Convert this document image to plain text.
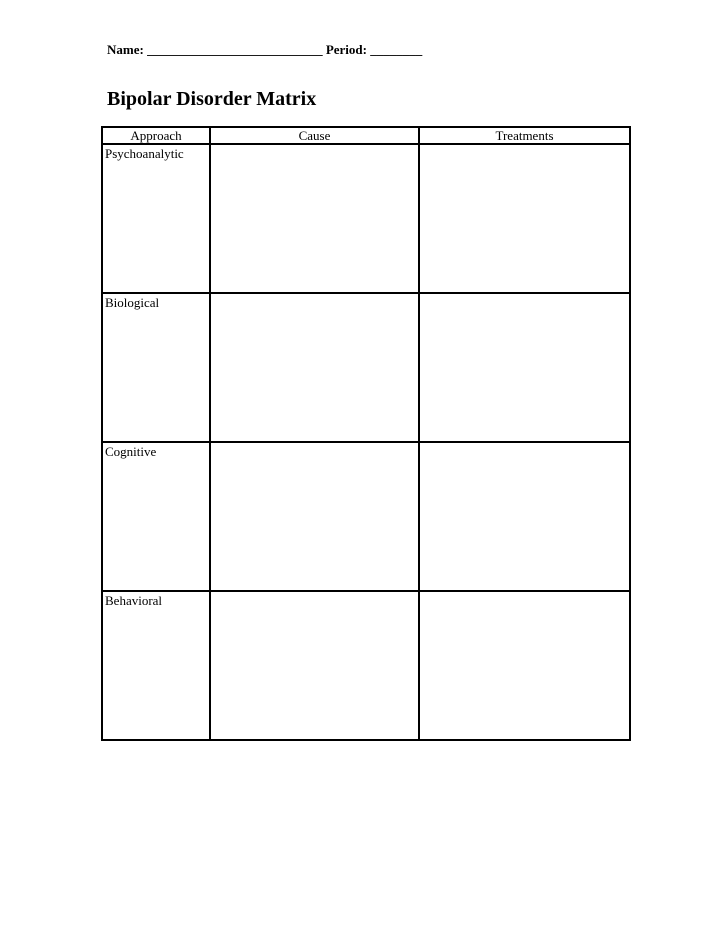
Name: ___________________________ Period: ________
Bipolar Disorder Matrix
Approach	Cause	Treatments
Psychoanalytic		
Biological		
Cognitive		
Behavioral		
